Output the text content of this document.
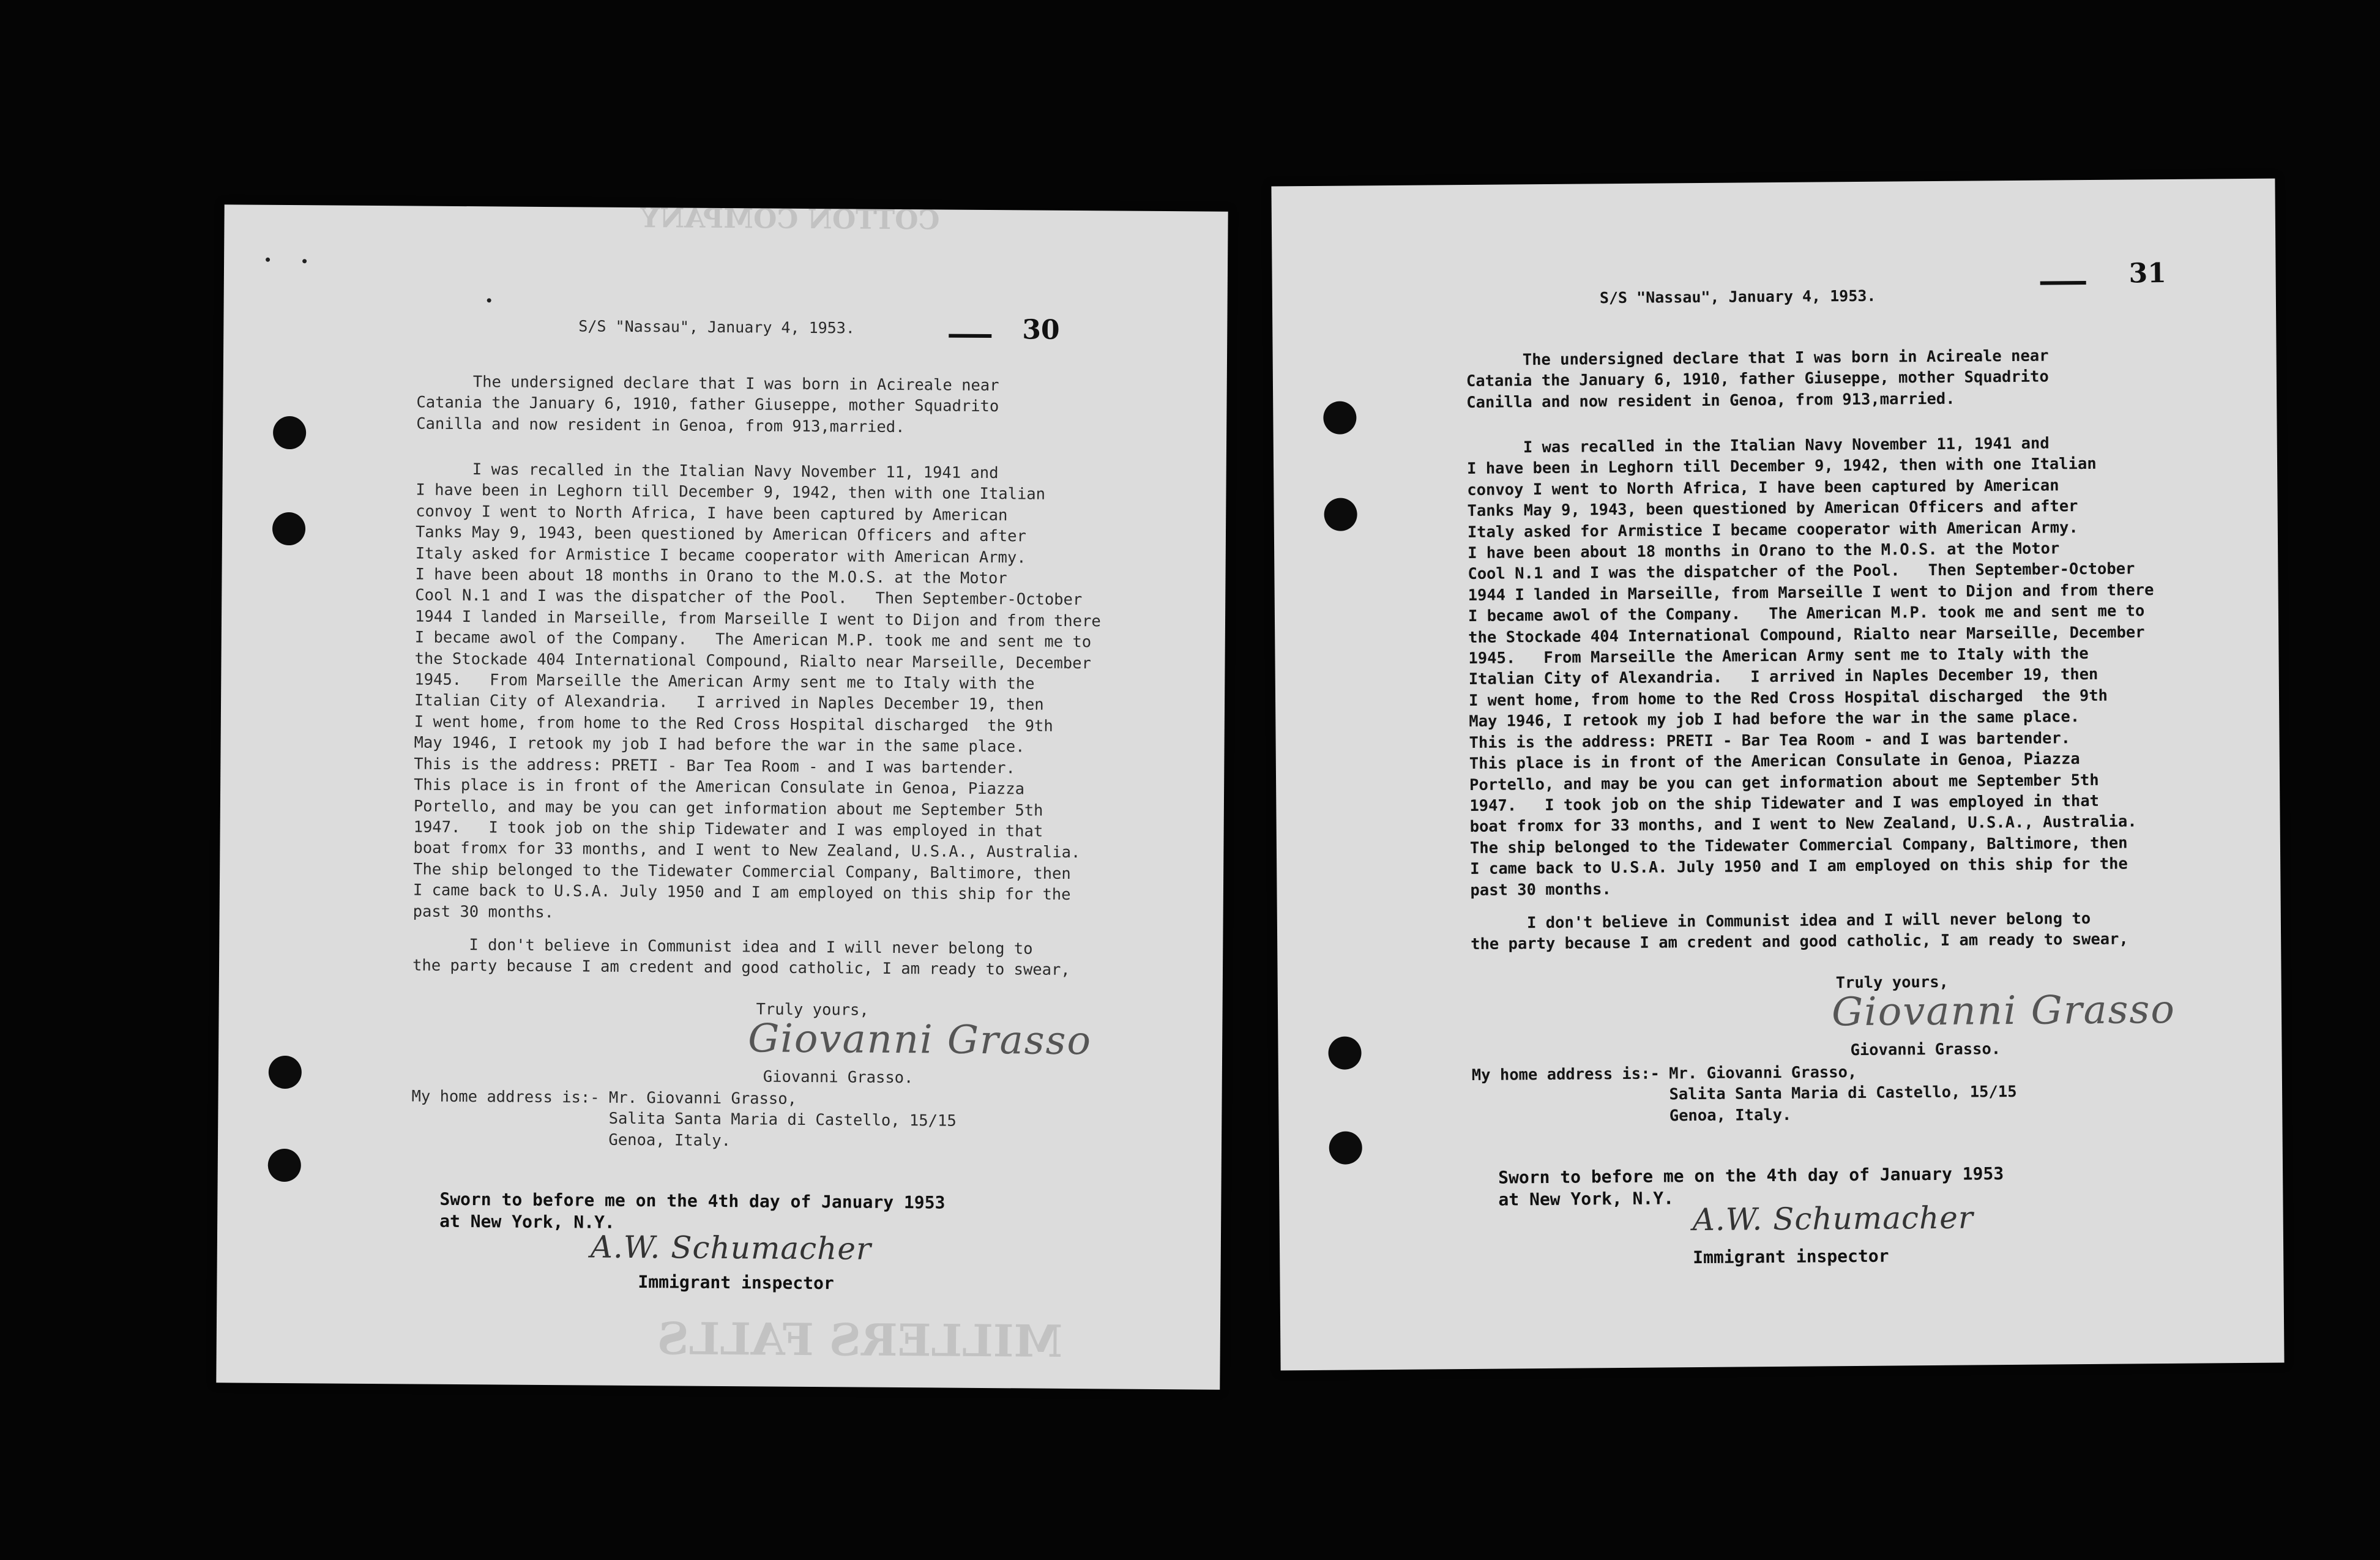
COTTON COMPANY
S/S "Nassau", January 4, 1953.	30
The undersigned declare that I was born in Acireale near
Catania the January 6, 1910, father Giuseppe, mother Squadrito
Canilla and now resident in Genoa, from 913,married.
I was recalled in the Italian Navy November 11, 1941 and
I have been in Leghorn till December 9, 1942, then with one Italian
convoy I went to North Africa, I have been captured by American
Tanks May 9, 1943, been questioned by American Officers and after
Italy asked for Armistice I became cooperator with American Army.
I have been about 18 months in Orano to the M.O.S. at the Motor
Cool N.1 and I was the dispatcher of the Pool.   Then September-October
1944 I landed in Marseille, from Marseille I went to Dijon and from there
I became awol of the Company.   The American M.P. took me and sent me to
the Stockade 404 International Compound, Rialto near Marseille, December
1945.   From Marseille the American Army sent me to Italy with the
Italian City of Alexandria.   I arrived in Naples December 19, then
I went home, from home to the Red Cross Hospital discharged  the 9th
May 1946, I retook my job I had before the war in the same place.
This is the address: PRETI - Bar Tea Room - and I was bartender.
This place is in front of the American Consulate in Genoa, Piazza
Portello, and may be you can get information about me September 5th
1947.   I took job on the ship Tidewater and I was employed in that
boat fromx for 33 months, and I went to New Zealand, U.S.A., Australia.
The ship belonged to the Tidewater Commercial Company, Baltimore, then
I came back to U.S.A. July 1950 and I am employed on this ship for the
past 30 months.
I don't believe in Communist idea and I will never belong to
the party because I am credent and good catholic, I am ready to swear,
Truly yours,
Giovanni Grasso
Giovanni Grasso.
My home address is:- Mr. Giovanni Grasso,
Salita Santa Maria di Castello, 15/15
Genoa, Italy.
Sworn to before me on the 4th day of January 1953
at New York, N.Y.
A.W. Schumacher
Immigrant inspector
MILLERS FALLS
S/S "Nassau", January 4, 1953.
31
The undersigned declare that I was born in Acireale near
Catania the January 6, 1910, father Giuseppe, mother Squadrito
Canilla and now resident in Genoa, from 913,married.
I was recalled in the Italian Navy November 11, 1941 and
I have been in Leghorn till December 9, 1942, then with one Italian
convoy I went to North Africa, I have been captured by American
Tanks May 9, 1943, been questioned by American Officers and after
Italy asked for Armistice I became cooperator with American Army.
I have been about 18 months in Orano to the M.O.S. at the Motor
Cool N.1 and I was the dispatcher of the Pool.   Then September-October
1944 I landed in Marseille, from Marseille I went to Dijon and from there
I became awol of the Company.   The American M.P. took me and sent me to
the Stockade 404 International Compound, Rialto near Marseille, December
1945.   From Marseille the American Army sent me to Italy with the
Italian City of Alexandria.   I arrived in Naples December 19, then
I went home, from home to the Red Cross Hospital discharged  the 9th
May 1946, I retook my job I had before the war in the same place.
This is the address: PRETI - Bar Tea Room - and I was bartender.
This place is in front of the American Consulate in Genoa, Piazza
Portello, and may be you can get information about me September 5th
1947.   I took job on the ship Tidewater and I was employed in that
boat fromx for 33 months, and I went to New Zealand, U.S.A., Australia.
The ship belonged to the Tidewater Commercial Company, Baltimore, then
I came back to U.S.A. July 1950 and I am employed on this ship for the
past 30 months.
I don't believe in Communist idea and I will never belong to
the party because I am credent and good catholic, I am ready to swear,
Truly yours,
Giovanni Grasso
Giovanni Grasso.
My home address is:- Mr. Giovanni Grasso,
Salita Santa Maria di Castello, 15/15
Genoa, Italy.
Sworn to before me on the 4th day of January 1953
at New York, N.Y.
A.W. Schumacher
Immigrant inspector
